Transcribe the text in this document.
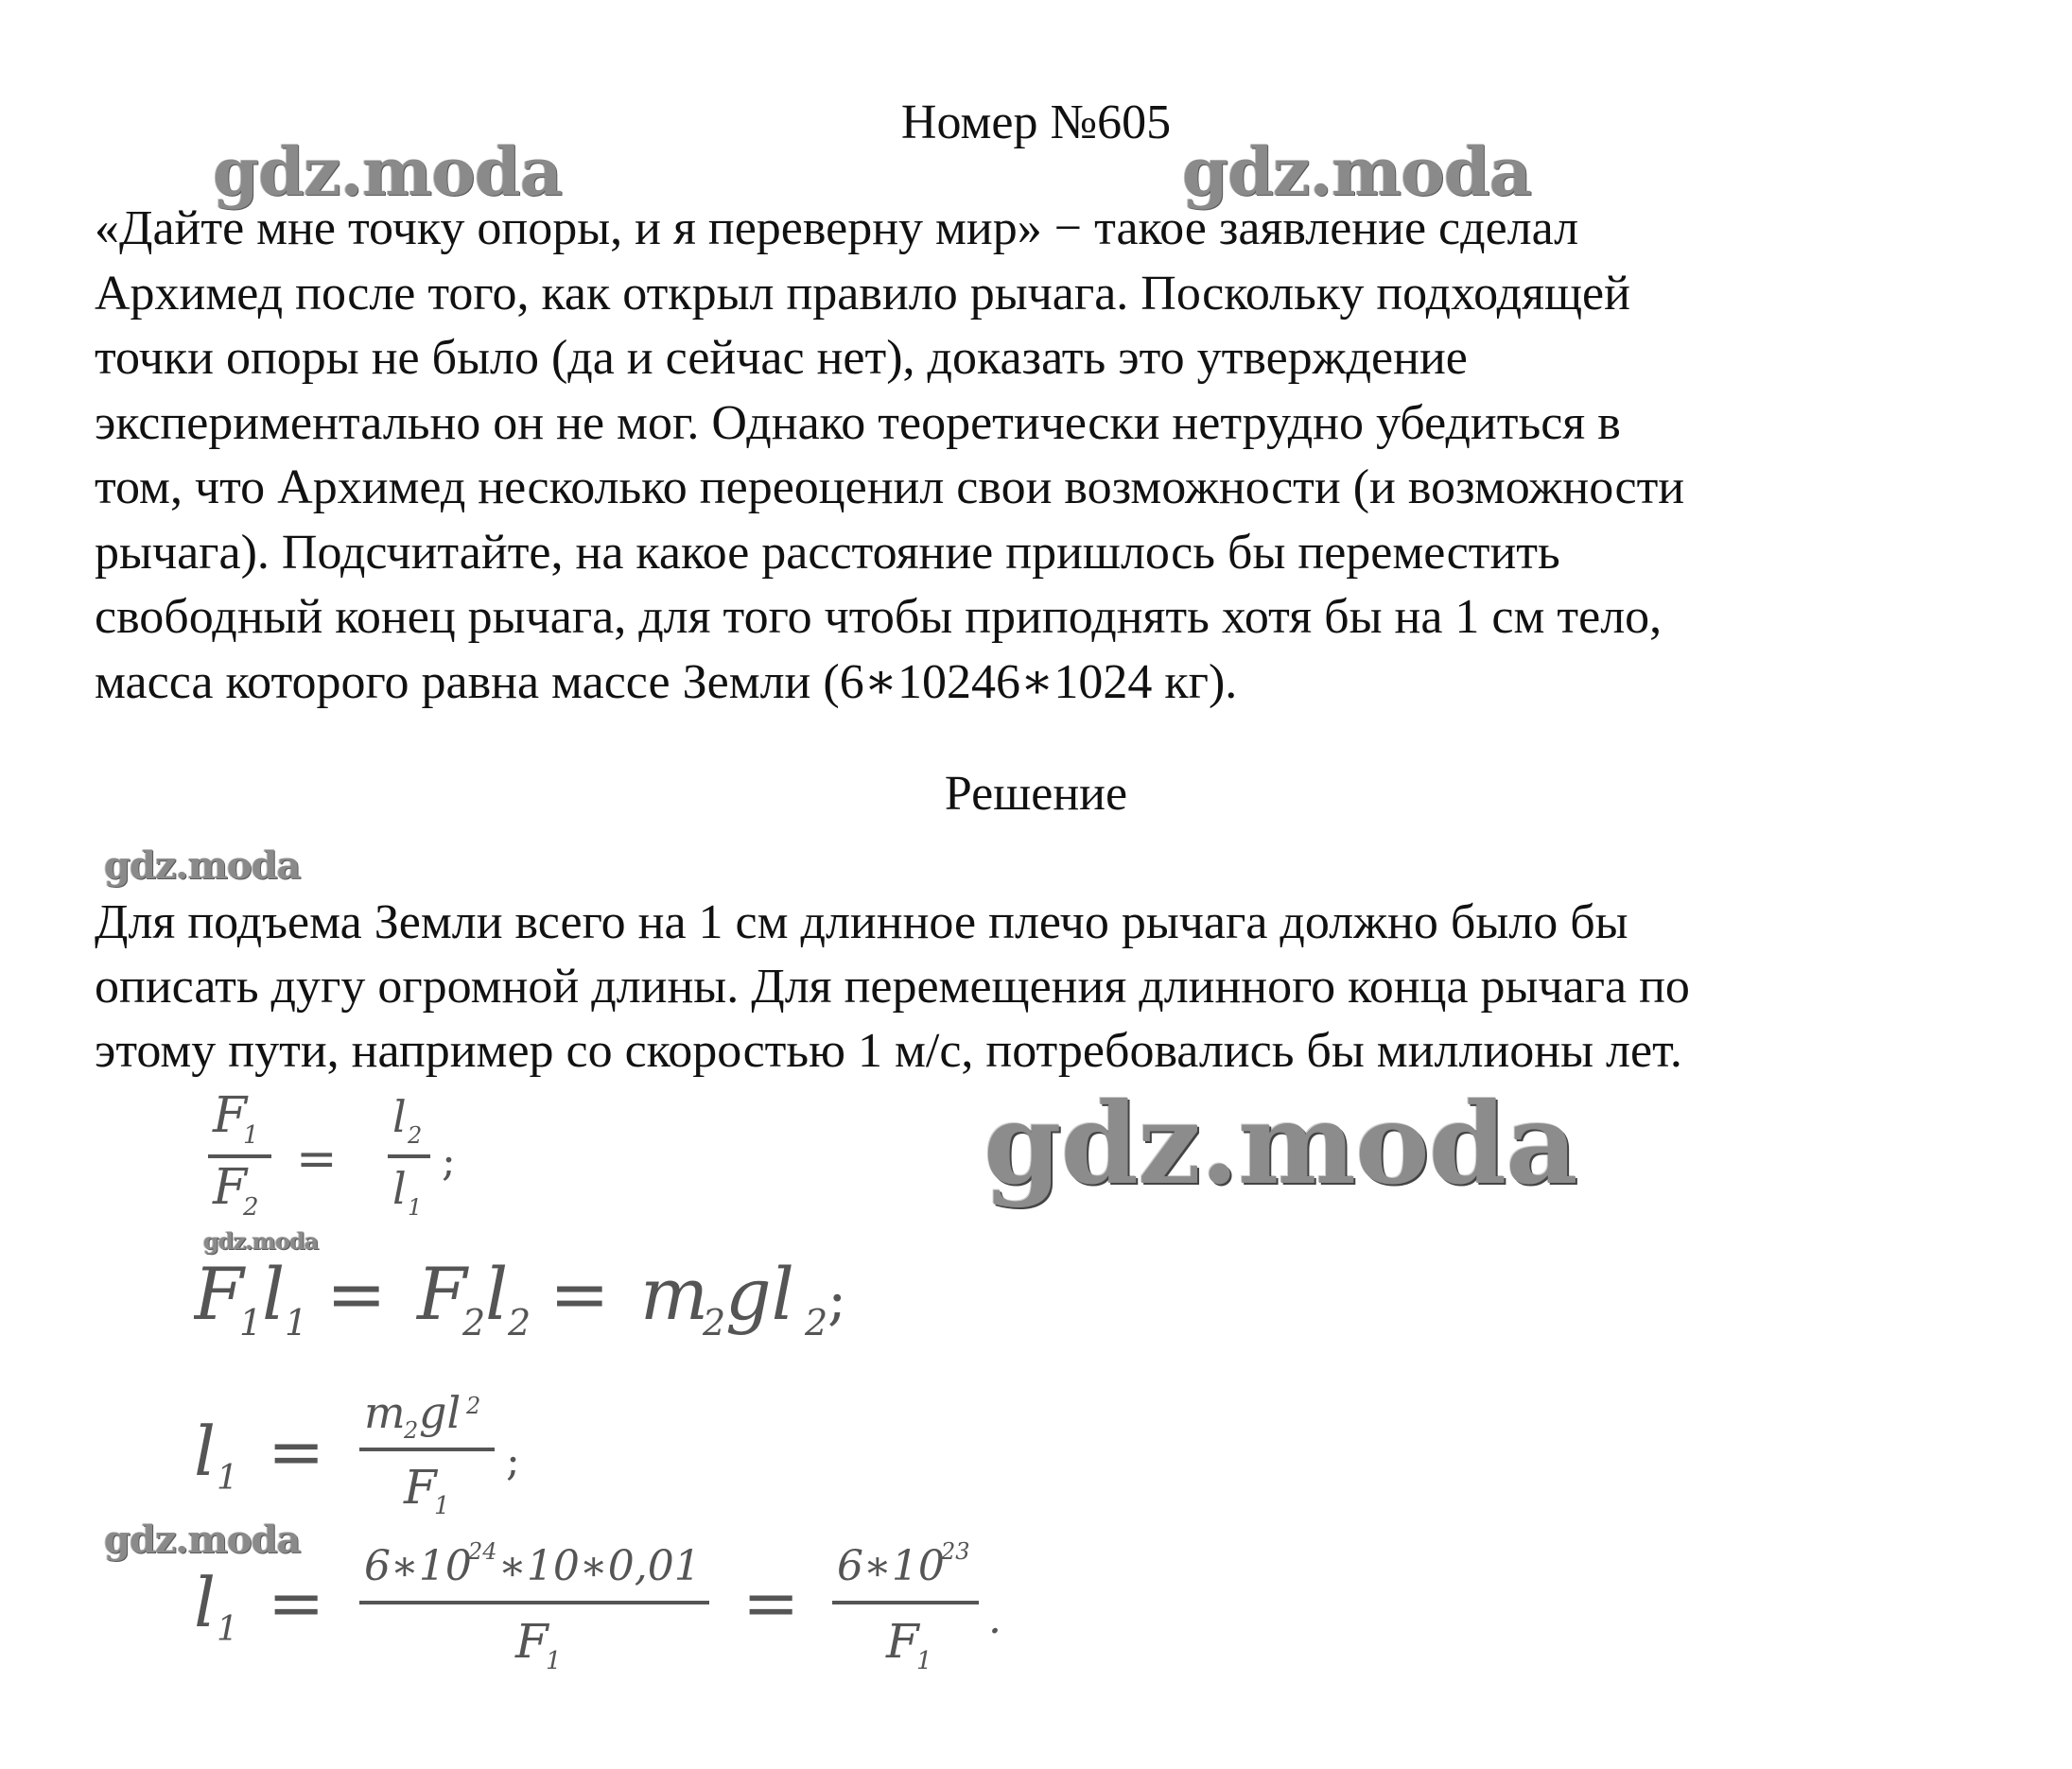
Номер №605
gdz.moda	gdz.moda
gdz.moda
gdz.moda
gdz.moda
gdz.moda
«Дайте мне точку опоры, и я переверну мир» − такое заявление сделал
Архимед после того, как открыл правило рычага. Поскольку подходящей
точки опоры не было (да и сейчас нет), доказать это утверждение
экспериментально он не мог. Однако теоретически нетрудно убедиться в
том, что Архимед несколько переоценил свои возможности (и возможности
рычага). Подсчитайте, на какое расстояние пришлось бы переместить
свободный конец рычага, для того чтобы приподнять хотя бы на 1 см тело,
масса которого равна массе Земли (6∗10246∗1024 кг).
Решение
Для подъема Земли всего на 1 см длинное плечо рычага должно было бы
описать дугу огромной длины. Для перемещения длинного конца рычага по
этому пути, например со скоростью 1 м/с, потребовались бы миллионы лет.
F
1
F
2
=
l 2
l 1
;
F
1 l 1 = F
2 l 2 = m
2 gl 2 ;
l 1 = m
2 gl 2
F
1
;
l 1 = 6∗10
24 ∗10∗0,01
F
1
= 6∗10
23
F
1
.
